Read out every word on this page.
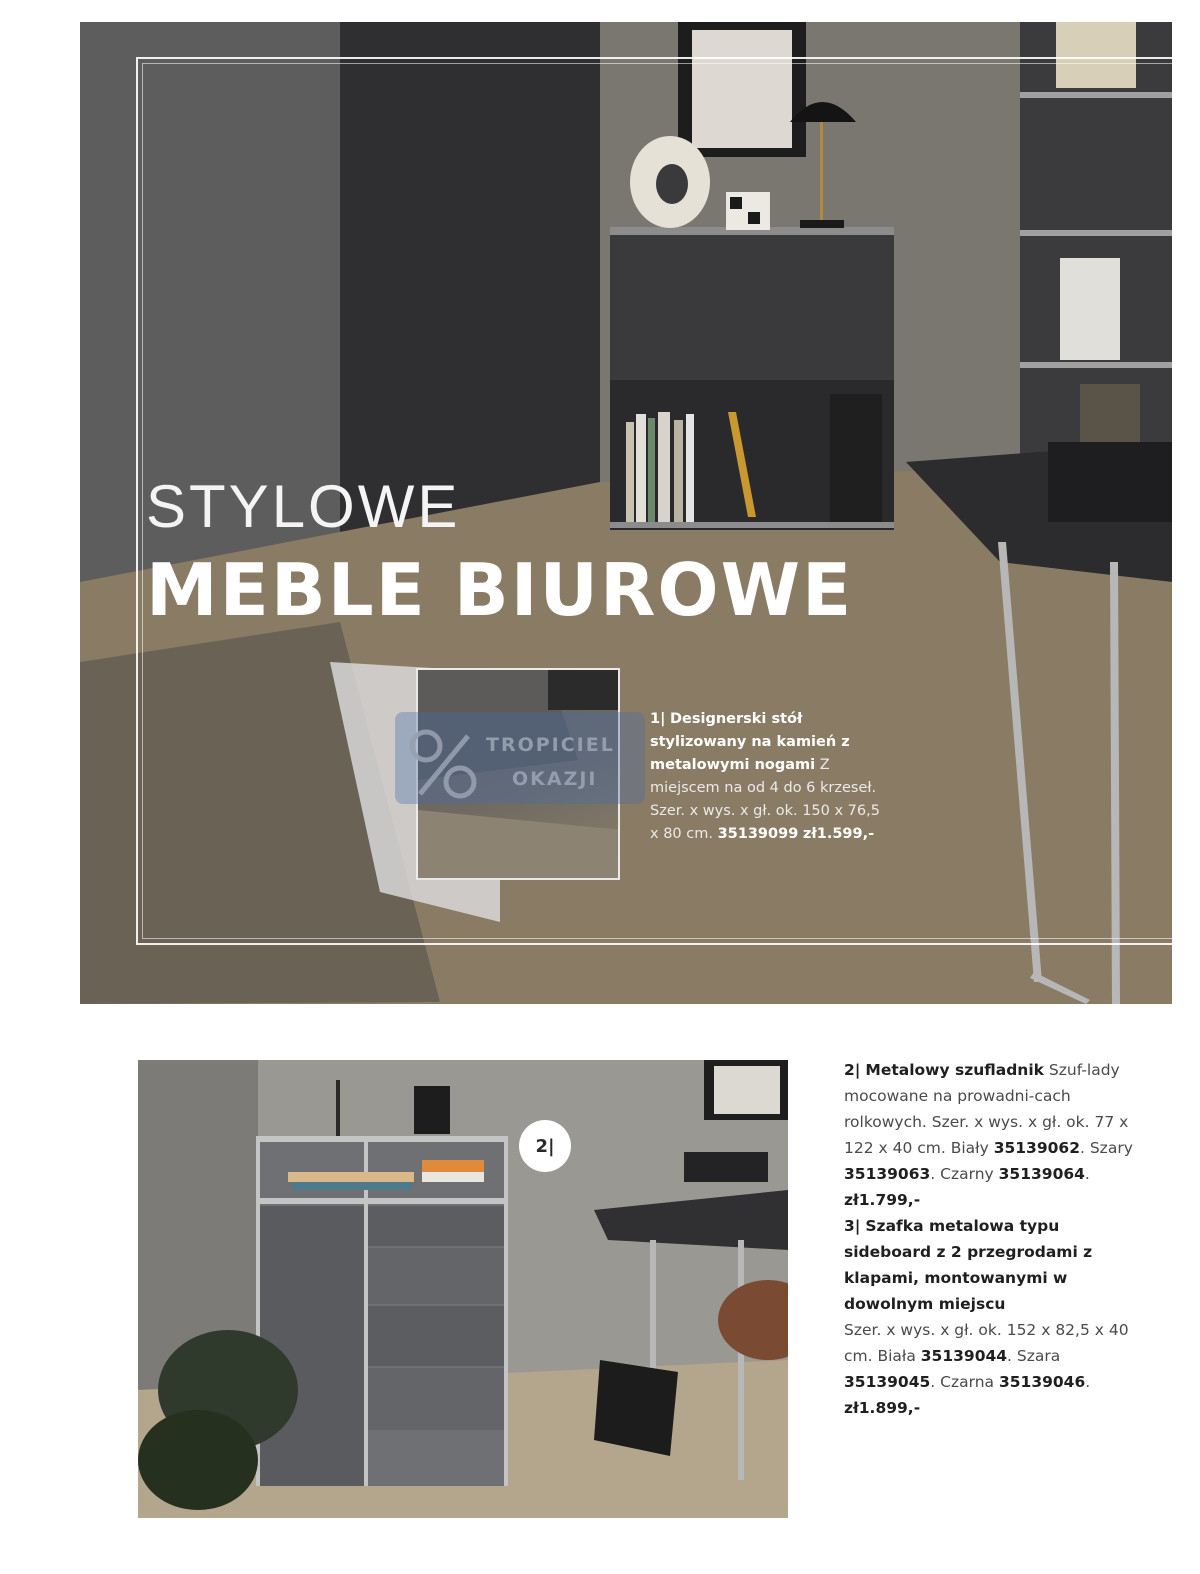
STYLOWE
MEBLE BIUROWE
TROPICIEL
OKAZJI
1| Designerski stół stylizowany na kamień z metalowymi nogami Z miejscem na od 4 do 6 krzeseł. Szer. x wys. x gł. ok. 150 x 76,5 x 80 cm. 35139099 zł1.599,-
2|

2| Metalowy szufladnik Szuf-lady mocowane na prowadni-cach rolkowych. Szer. x wys. x gł. ok. 77 x 122 x 40 cm. Biały 35139062. Szary 35139063. Czarny 35139064. zł1.799,-

3| Szafka metalowa typu sideboard z 2 przegrodami z klapami, montowanymi w dowolnym miejscu
Szer. x wys. x gł. ok. 152 x 82,5 x 40 cm. Biała 35139044. Szara 35139045. Czarna 35139046. zł1.899,-
